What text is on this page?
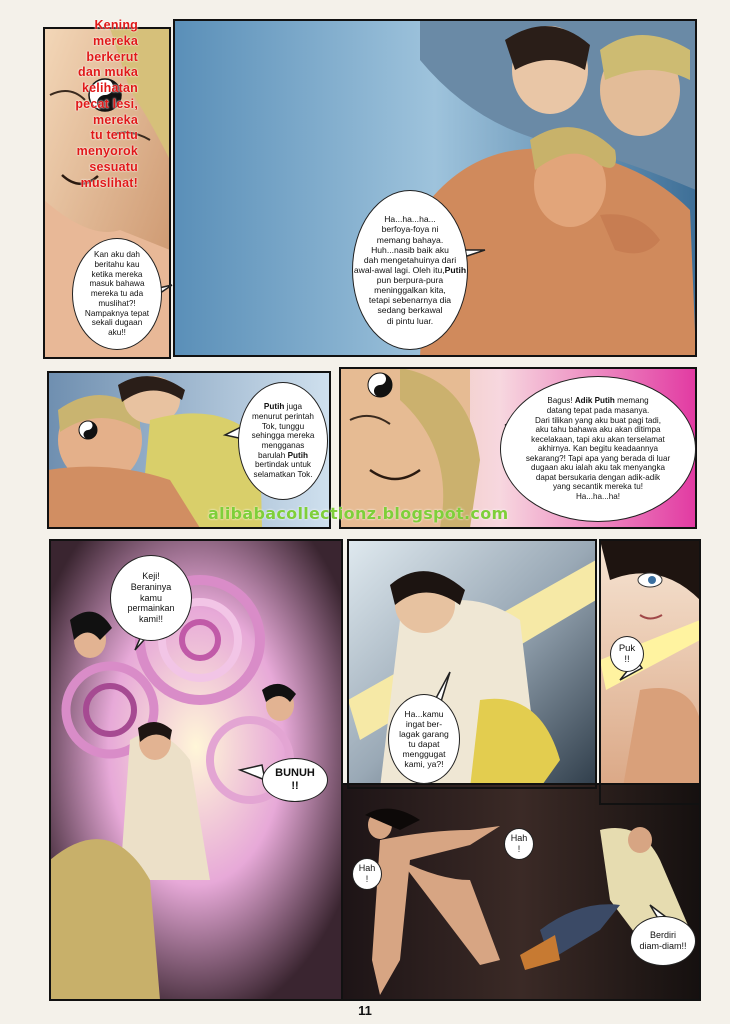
Kening
mereka
berkerut
dan muka
kelihatan
pecat lesi,
mereka
tu tentu
menyorok
sesuatu
muslihat!
Kan aku dah
beritahu kau
ketika mereka
masuk bahawa
mereka tu ada
muslihat?!
Nampaknya tepat
sekali dugaan
aku!!
Ha...ha...ha...
berfoya-foya ni
memang bahaya.
Huh...nasib baik aku
dah mengetahuinya dari
awal-awal lagi. Oleh itu,Putih pun berpura-pura
meninggalkan kita,
tetapi sebenarnya dia
sedang berkawal
di pintu luar.
Putih juga
menurut perintah
Tok, tunggu
sehingga mereka
mengganas
barulah Putih
bertindak untuk
selamatkan Tok.
Bagus! Adik Putih memang
datang tepat pada masanya.
Dari tilikan yang aku buat pagi tadi,
aku tahu bahawa aku akan ditimpa
kecelakaan, tapi aku akan terselamat
akhirnya. Kan begitu keadaannya
sekarang?! Tapi apa yang berada di luar
dugaan aku ialah aku tak menyangka
dapat bersukaria dengan adik-adik
yang secantik mereka tu!
Ha...ha...ha!
Keji!
Beraninya
kamu
permainkan
kami!!
BUNUH
!!
Ha...kamu
ingat ber-
lagak garang
tu dapat
menggugat
kami, ya?!
Puk
!!
Hah
!
Hah
!
Berdiri
diam-diam!!
alibabacollectionz.blogspot.com
11
